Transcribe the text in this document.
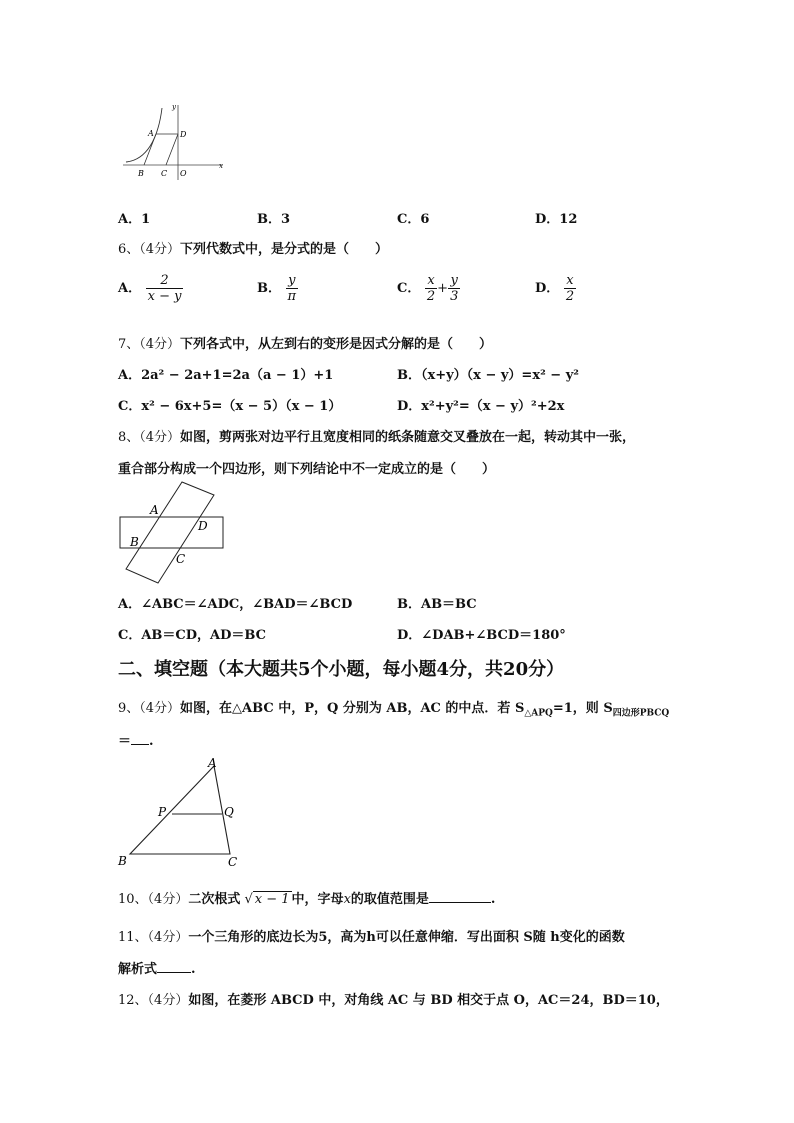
A	D
B C O
x
y
A．1	B．3	C．6	D．12
6、（4分）下列代数式中，是分式的是（　　）
A． $\frac{2}{x - y}$	B． $\frac{y}{\pi}$	C． $\frac{x}{2} + \frac{y}{3}$	D． $\frac{x}{2}$
7、（4分）下列各式中，从左到右的变形是因式分解的是（　　）
A．2a² − 2a+1=2a（a − 1）+1	B．（x+y）（x − y）=x² − y²
C．x² − 6x+5=（x − 5）（x − 1）	D．x²+y²=（x − y）²+2x
8、（4分）如图，剪两张对边平行且宽度相同的纸条随意交叉叠放在一起，转动其中一张，
重合部分构成一个四边形，则下列结论中不一定成立的是（　　）
A
D
B
C
A．∠ABC＝∠ADC，∠BAD＝∠BCD	B．AB＝BC
C．AB＝CD，AD＝BC	D．∠DAB+∠BCD＝180°
二、填空题（本大题共5个小题，每小题4分，共20分）
9、（4分）如图，在△ABC 中，P，Q 分别为 AB，AC 的中点．若 $S_{\triangle APQ}=1$，则 $S_{四边形PBCQ}$
＝ .
A
P	Q
B	C
10、（4分）二次根式 √ x − 1 中，字母x的取值范围是	.
11、（4分）一个三角形的底边长为5，高为h可以任意伸缩．写出面积 S随 h变化的函数
解析式	.
12、（4分）如图，在菱形 ABCD 中，对角线 AC 与 BD 相交于点 O，AC＝24，BD＝10，
